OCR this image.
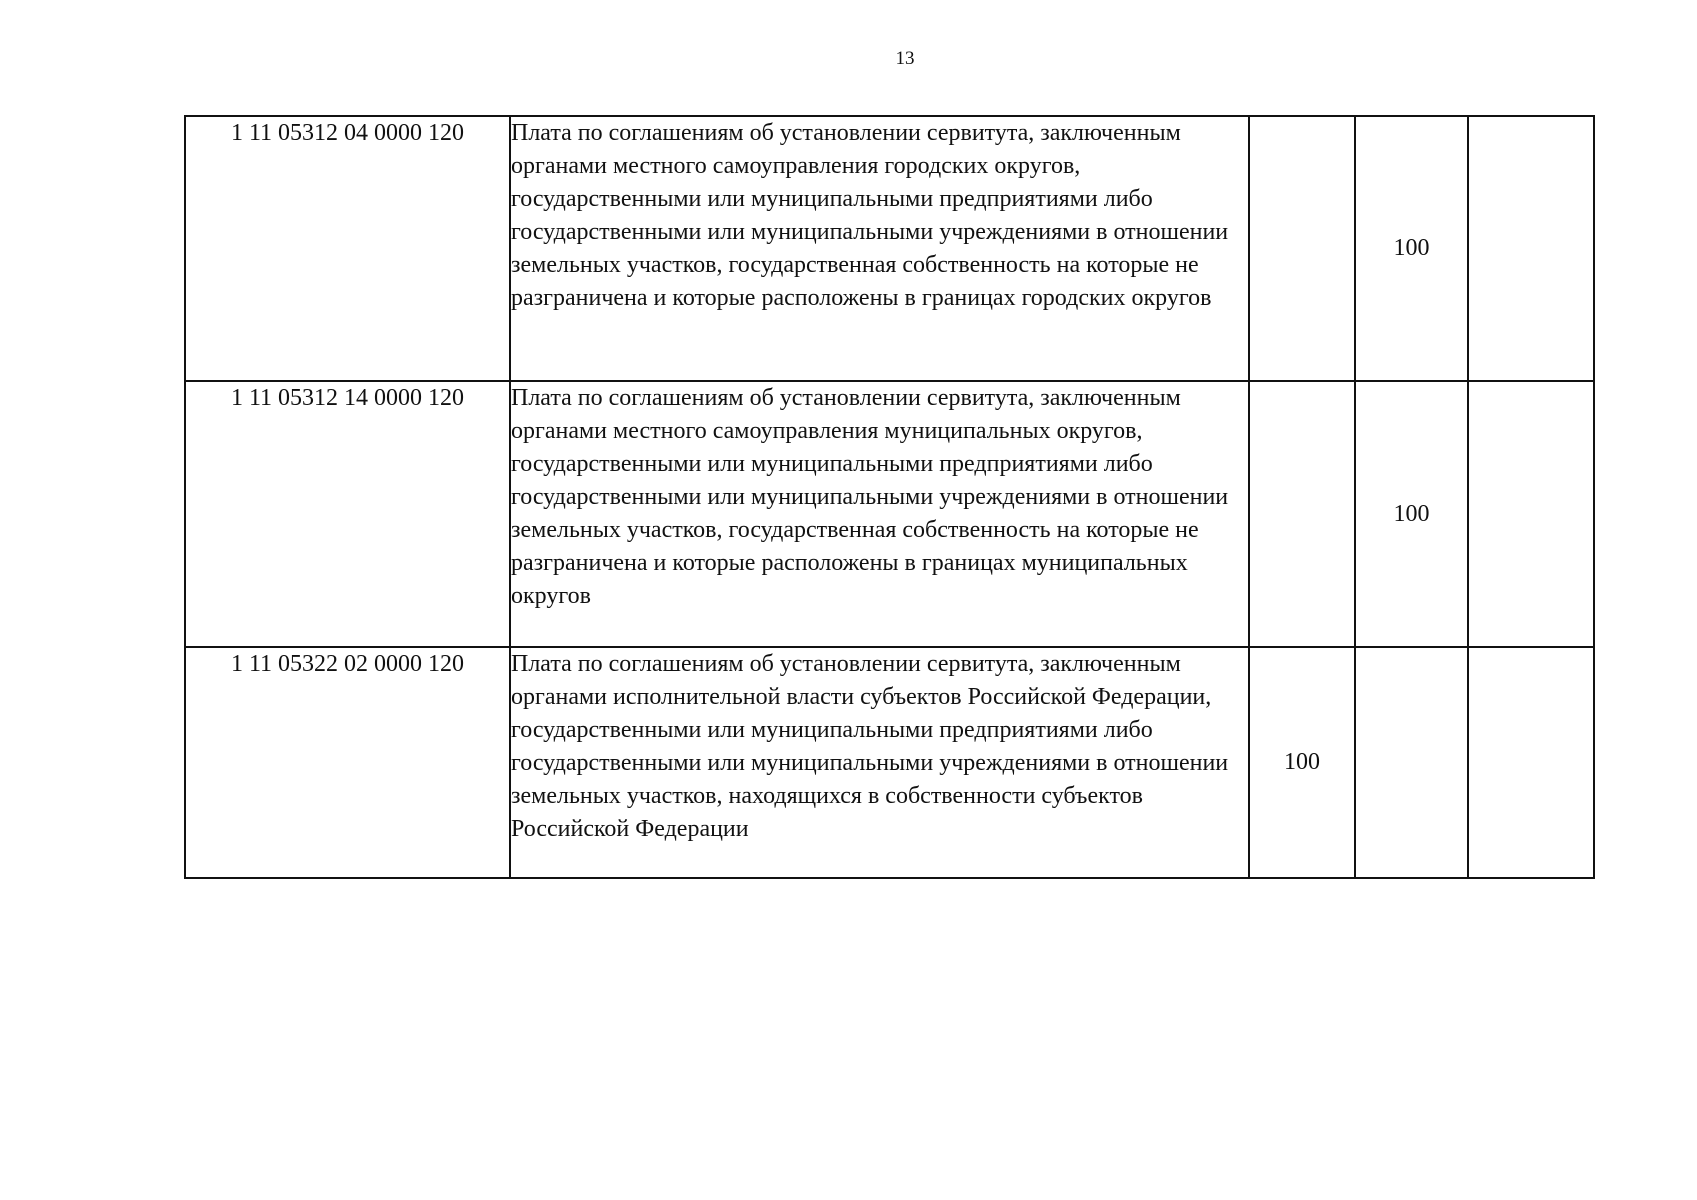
13
1 11 05312 04 0000 120	Плата по соглашениям об установлении сервитута, заключенным органами местного самоуправления городских округов, государственными или муниципальными предприятиями либо государственными или муниципальными учреждениями в отношении земельных участков, государственная собственность на которые не разграничена и которые расположены в границах городских округов		100	
1 11 05312 14 0000 120	Плата по соглашениям об установлении сервитута, заключенным органами местного самоуправления муниципальных округов, государственными или муниципальными предприятиями либо государственными или муниципальными учреждениями в отношении земельных участков, государственная собственность на которые не разграничена и которые расположены в границах муниципальных округов		100	
1 11 05322 02 0000 120	Плата по соглашениям об установлении сервитута, заключенным органами исполнительной власти субъектов Российской Федерации, государственными или муниципальными предприятиями либо государственными или муниципальными учреждениями в отношении земельных участков, находящихся в собственности субъектов Российской Федерации	100		
